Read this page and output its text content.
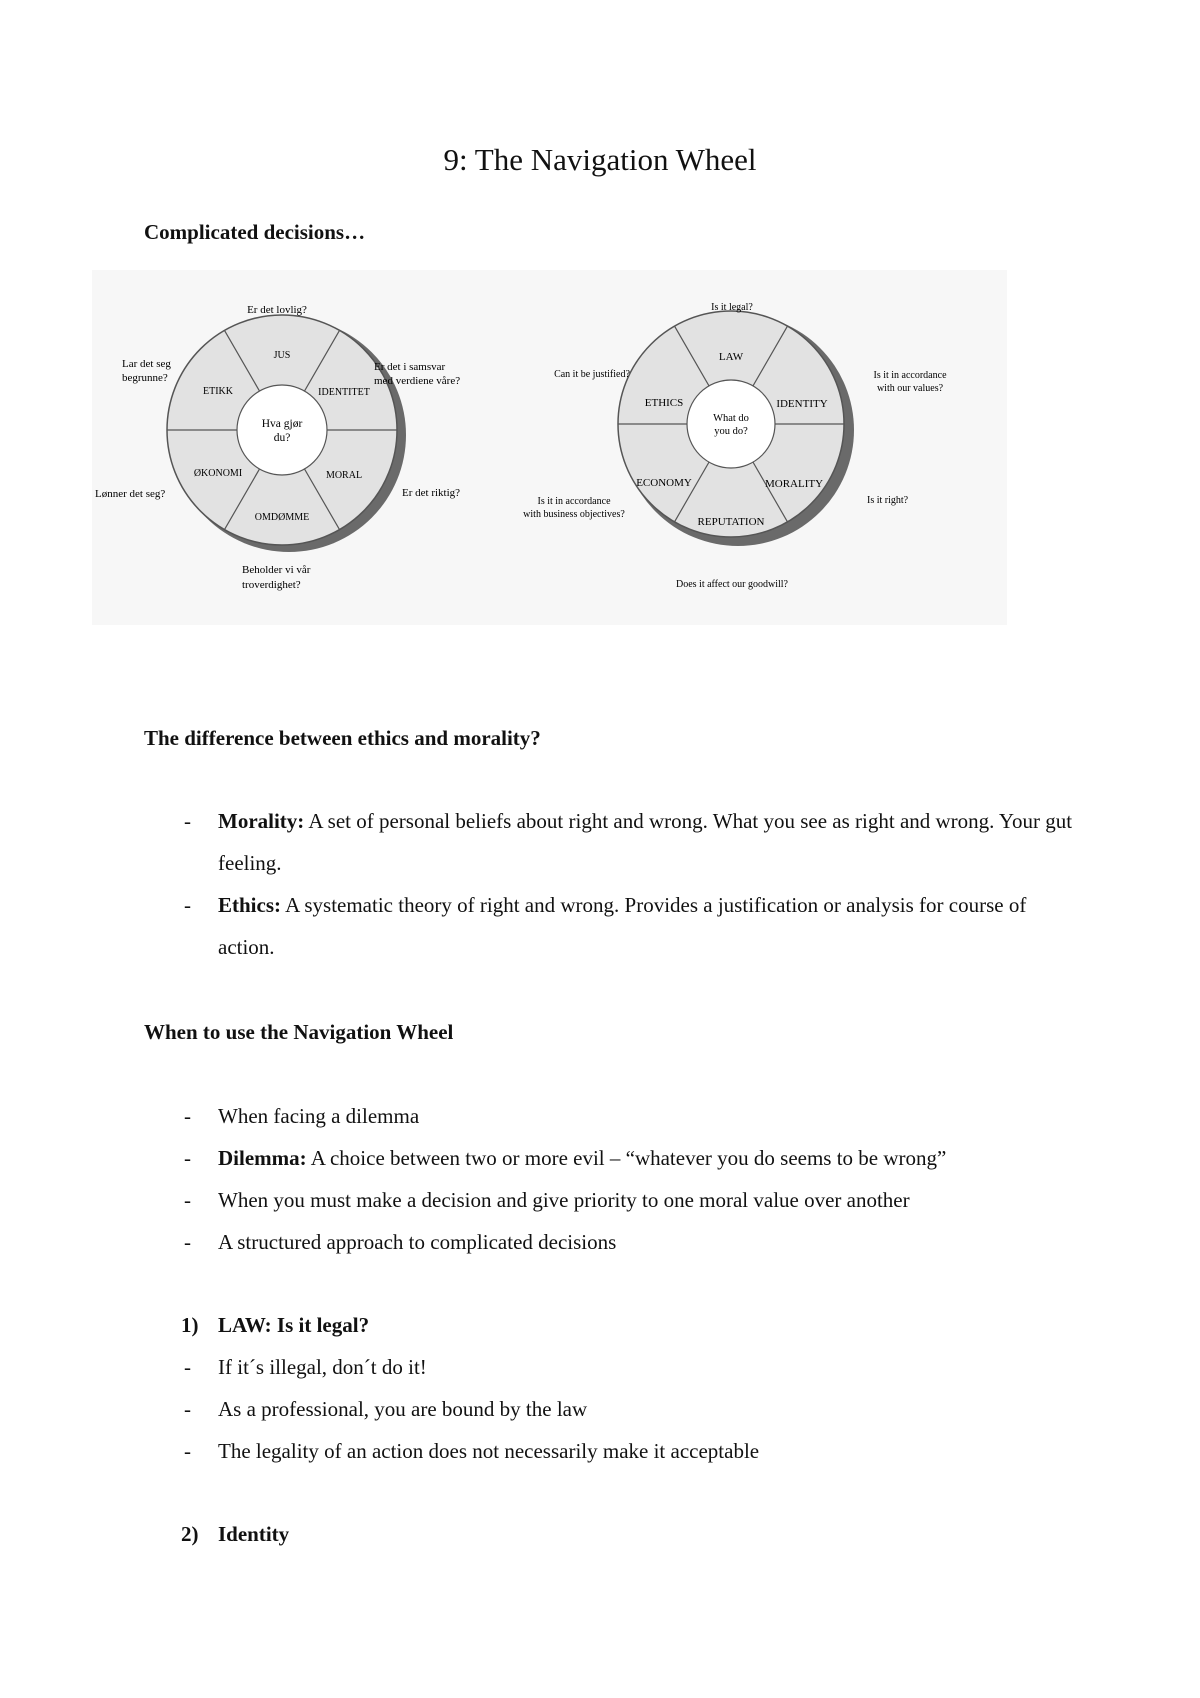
9: The Navigation Wheel
Complicated decisions…
Hva gjør
du?
JUS
IDENTITET
MORAL
OMDØMME
ØKONOMI
ETIKK
Er det lovlig?
Er det i samsvar
med verdiene våre?
Er det riktig?
Beholder vi vår
troverdighet?
Lønner det seg?
Lar det seg
begrunne?
What do
you do?
LAW
IDENTITY
MORALITY
REPUTATION
ECONOMY
ETHICS
Is it legal?
Is it in accordance
with our values?
Is it right?
Does it affect our goodwill?
Is it in accordance
with business objectives?
Can it be justified?
The difference between ethics and morality?
- Morality: A set of personal beliefs about right and wrong. What you see as right and wrong. Your gut feeling.
- Ethics: A systematic theory of right and wrong. Provides a justification or analysis for course of action.
When to use the Navigation Wheel
- When facing a dilemma
- Dilemma: A choice between two or more evil – “whatever you do seems to be wrong”
- When you must make a decision and give priority to one moral value over another
- A structured approach to complicated decisions
1) LAW: Is it legal?
- If it´s illegal, don´t do it!
- As a professional, you are bound by the law
- The legality of an action does not necessarily make it acceptable
2) Identity
